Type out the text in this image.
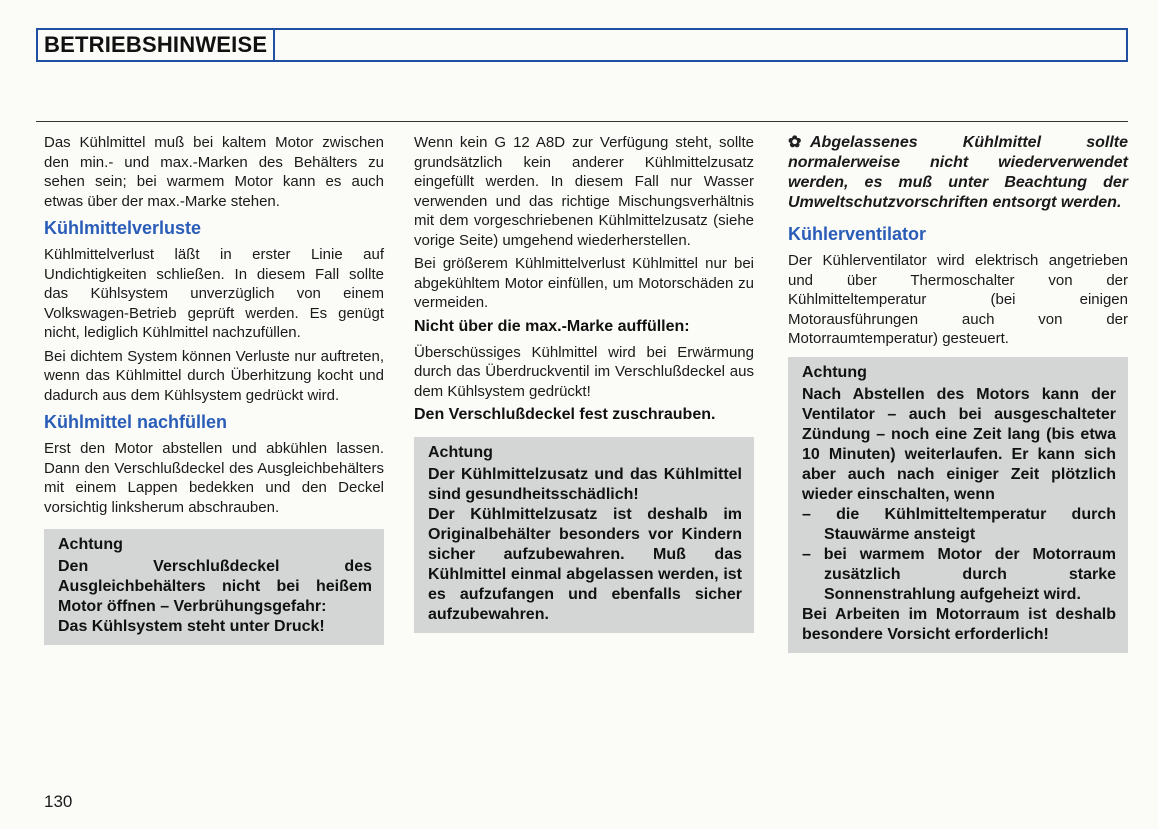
BETRIEBSHINWEISE

Das Kühlmittel muß bei kaltem Motor zwischen den min.- und max.-Marken des Behälters zu sehen sein; bei warmem Motor kann es auch etwas über der max.-Marke stehen.

Kühlmittelverluste

Kühlmittelverlust läßt in erster Linie auf Undichtigkeiten schließen. In diesem Fall sollte das Kühlsystem unverzüglich von einem Volkswagen-Betrieb geprüft werden. Es genügt nicht, lediglich Kühlmittel nachzufüllen.

Bei dichtem System können Verluste nur auftreten, wenn das Kühlmittel durch Überhitzung kocht und dadurch aus dem Kühlsystem gedrückt wird.

Kühlmittel nachfüllen

Erst den Motor abstellen und abkühlen lassen. Dann den Verschlußdeckel des Ausgleichbehälters mit einem Lappen bedekken und den Deckel vorsichtig linksherum abschrauben.

Achtung
Den Verschlußdeckel des Ausgleichbehälters nicht bei heißem Motor öffnen – Verbrühungsgefahr:
Das Kühlsystem steht unter Druck!

Wenn kein G 12 A8D zur Verfügung steht, sollte grundsätzlich kein anderer Kühlmittelzusatz eingefüllt werden. In diesem Fall nur Wasser verwenden und das richtige Mischungsverhältnis mit dem vorgeschriebenen Kühlmittelzusatz (siehe vorige Seite) umgehend wiederherstellen.

Bei größerem Kühlmittelverlust Kühlmittel nur bei abgekühltem Motor einfüllen, um Motorschäden zu vermeiden.

Nicht über die max.-Marke auffüllen:

Überschüssiges Kühlmittel wird bei Erwärmung durch das Überdruckventil im Verschlußdeckel aus dem Kühlsystem gedrückt!

Den Verschlußdeckel fest zuschrauben.
Achtung
Der Kühlmittelzusatz und das Kühlmittel sind gesundheitsschädlich!
Der Kühlmittelzusatz ist deshalb im Originalbehälter besonders vor Kindern sicher aufzubewahren. Muß das Kühlmittel einmal abgelassen werden, ist es aufzufangen und ebenfalls sicher aufzubewahren.

✿ Abgelassenes Kühlmittel sollte normalerweise nicht wiederverwendet werden, es muß unter Beachtung der Umweltschutzvorschriften entsorgt werden.

Kühlerventilator

Der Kühlerventilator wird elektrisch angetrieben und über Thermoschalter von der Kühlmitteltemperatur (bei einigen Motorausführungen auch von der Motorraumtemperatur) gesteuert.

Achtung
Nach Abstellen des Motors kann der Ventilator – auch bei ausgeschalteter Zündung – noch eine Zeit lang (bis etwa 10 Minuten) weiterlaufen. Er kann sich aber auch nach einiger Zeit plötzlich wieder einschalten, wenn
– die Kühlmitteltemperatur durch Stauwärme ansteigt
– bei warmem Motor der Motorraum zusätzlich durch starke Sonnenstrahlung aufgeheizt wird.
Bei Arbeiten im Motorraum ist deshalb besondere Vorsicht erforderlich!
130
